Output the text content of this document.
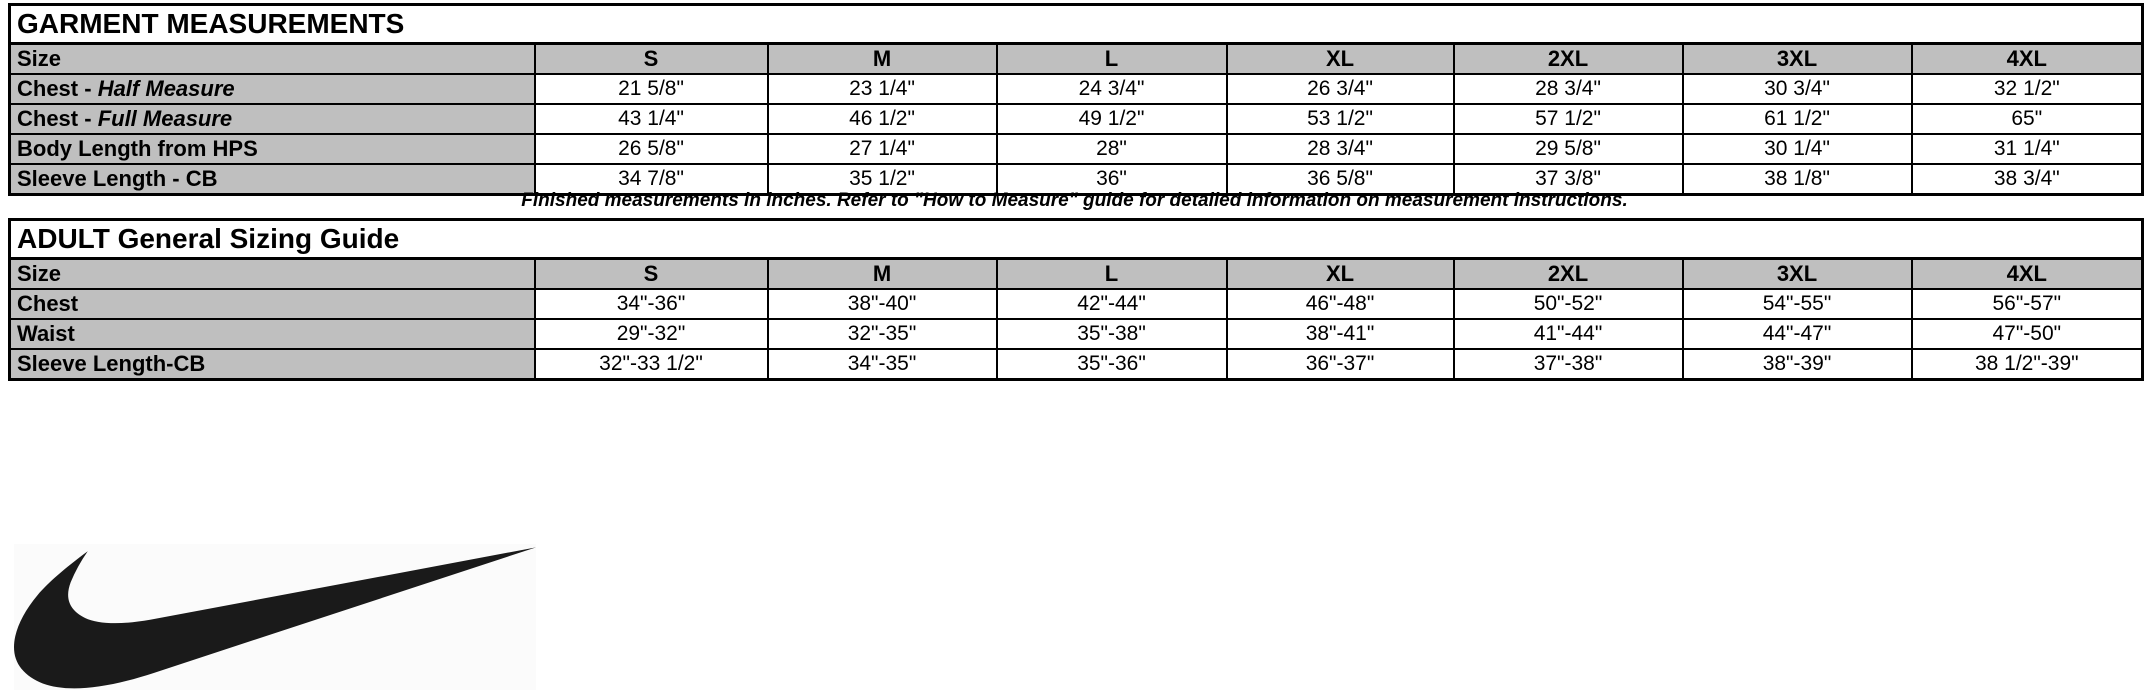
GARMENT MEASUREMENTS							
Size	S	M	L	XL	2XL	3XL	4XL
Chest - Half Measure	21 5/8"	23 1/4"	24 3/4"	26 3/4"	28 3/4"	30 3/4"	32 1/2"
Chest - Full Measure	43 1/4"	46 1/2"	49 1/2"	53 1/2"	57 1/2"	61 1/2"	65"
Body Length from HPS	26 5/8"	27 1/4"	28"	28 3/4"	29 5/8"	30 1/4"	31 1/4"
Sleeve Length - CB	34 7/8"	35 1/2"	36"	36 5/8"	37 3/8"	38 1/8"	38 3/4"
Finished measurements in inches. Refer to "How to Measure" guide for detailed information on measurement instructions.
ADULT General Sizing Guide							
Size	S	M	L	XL	2XL	3XL	4XL
Chest	34"-36"	38"-40"	42"-44"	46"-48"	50"-52"	54"-55"	56"-57"
Waist	29"-32"	32"-35"	35"-38"	38"-41"	41"-44"	44"-47"	47"-50"
Sleeve Length-CB	32"-33 1/2"	34"-35"	35"-36"	36"-37"	37"-38"	38"-39"	38 1/2"-39"
